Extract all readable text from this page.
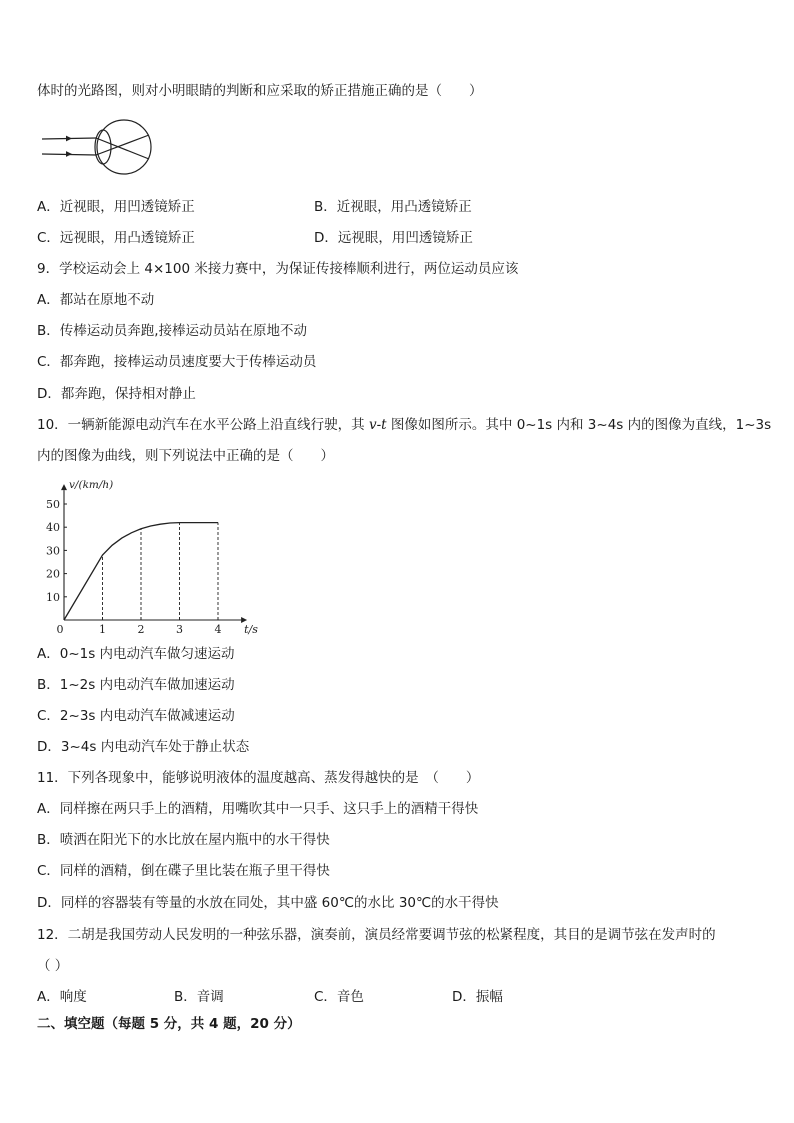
体时的光路图，则对小明眼睛的判断和应采取的矫正措施正确的是（　　）
A．近视眼，用凹透镜矫正	B．近视眼，用凸透镜矫正
C．远视眼，用凸透镜矫正	D．远视眼，用凹透镜矫正
9．学校运动会上 4×100 米接力赛中，为保证传接棒顺利进行，两位运动员应该
A．都站在原地不动
B．传棒运动员奔跑,接棒运动员站在原地不动
C．都奔跑，接棒运动员速度要大于传棒运动员
D．都奔跑，保持相对静止
10．一辆新能源电动汽车在水平公路上沿直线行驶，其 v-t 图像如图所示。其中 0~1s 内和 3~4s 内的图像为直线，1~3s
内的图像为曲线，则下列说法中正确的是（　　）
10
20
30
40
50
0	1	2	3	4
v/(km/h)
t/s
A．0~1s 内电动汽车做匀速运动
B．1~2s 内电动汽车做加速运动
C．2~3s 内电动汽车做减速运动
D．3~4s 内电动汽车处于静止状态
11．下列各现象中，能够说明液体的温度越高、蒸发得越快的是　（　　）
A．同样擦在两只手上的酒精，用嘴吹其中一只手、这只手上的酒精干得快
B．喷洒在阳光下的水比放在屋内瓶中的水干得快
C．同样的酒精，倒在碟子里比装在瓶子里干得快
D．同样的容器装有等量的水放在同处，其中盛 60℃的水比 30℃的水干得快
12．二胡是我国劳动人民发明的一种弦乐器，演奏前，演员经常要调节弦的松紧程度，其目的是调节弦在发声时的
（ ）
A．响度	B．音调	C．音色	D．振幅
二、填空题（每题 5 分，共 4 题，20 分）
